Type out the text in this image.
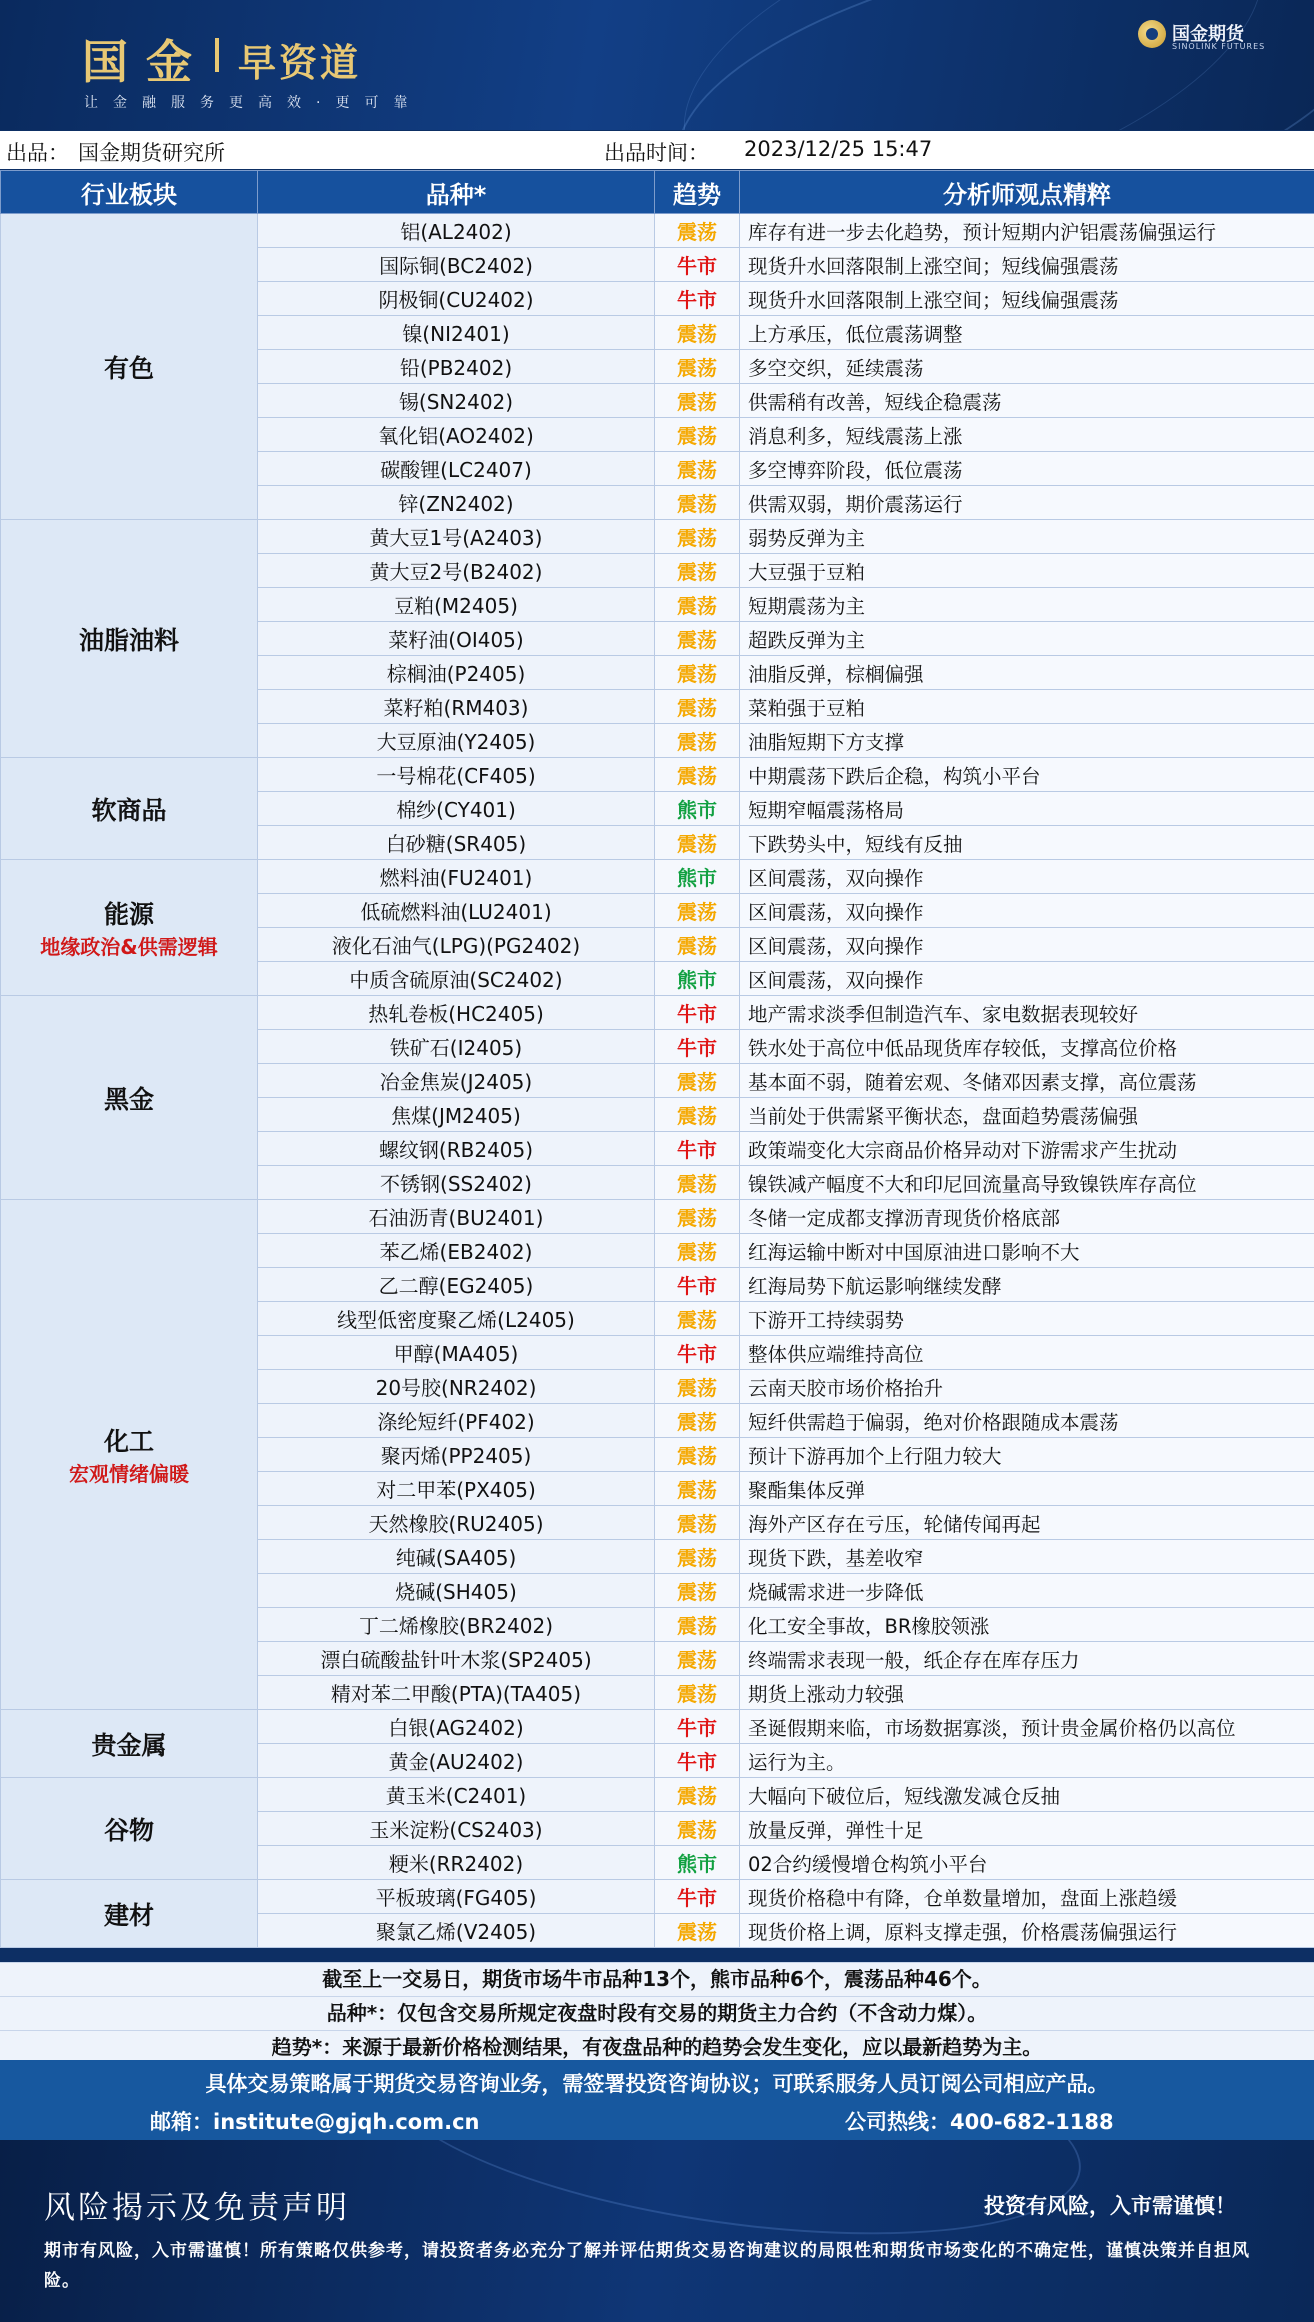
国金 早资道
让金融服务更高效·更可靠
国金期货
SINOLINK FUTURES
出品： 国金期货研究所	出品时间： 2023/12/25 15:47
行业板块	品种*	趋势	分析师观点精粹

有色	铝(AL2402)	震荡	库存有进一步去化趋势，预计短期内沪铝震荡偏强运行
	国际铜(BC2402)	牛市	现货升水回落限制上涨空间；短线偏强震荡
	阴极铜(CU2402)	牛市	现货升水回落限制上涨空间；短线偏强震荡
	镍(NI2401)	震荡	上方承压，低位震荡调整
	铅(PB2402)	震荡	多空交织，延续震荡
	锡(SN2402)	震荡	供需稍有改善，短线企稳震荡
	氧化铝(AO2402)	震荡	消息利多，短线震荡上涨
	碳酸锂(LC2407)	震荡	多空博弈阶段，低位震荡
	锌(ZN2402)	震荡	供需双弱，期价震荡运行

油脂油料	黄大豆1号(A2403)	震荡	弱势反弹为主
	黄大豆2号(B2402)	震荡	大豆强于豆粕
	豆粕(M2405)	震荡	短期震荡为主
	菜籽油(OI405)	震荡	超跌反弹为主
	棕榈油(P2405)	震荡	油脂反弹，棕榈偏强
	菜籽粕(RM403)	震荡	菜粕强于豆粕
	大豆原油(Y2405)	震荡	油脂短期下方支撑

软商品	一号棉花(CF405)	震荡	中期震荡下跌后企稳，构筑小平台
	棉纱(CY401)	熊市	短期窄幅震荡格局
	白砂糖(SR405)	震荡	下跌势头中，短线有反抽

能源
地缘政治&供需逻辑	燃料油(FU2401)	熊市	区间震荡，双向操作
	低硫燃料油(LU2401)	震荡	区间震荡，双向操作
	液化石油气(LPG)(PG2402)	震荡	区间震荡，双向操作
	中质含硫原油(SC2402)	熊市	区间震荡，双向操作

黑金	热轧卷板(HC2405)	牛市	地产需求淡季但制造汽车、家电数据表现较好
	铁矿石(I2405)	牛市	铁水处于高位中低品现货库存较低，支撑高位价格
	冶金焦炭(J2405)	震荡	基本面不弱，随着宏观、冬储邓因素支撑，高位震荡
	焦煤(JM2405)	震荡	当前处于供需紧平衡状态，盘面趋势震荡偏强
	螺纹钢(RB2405)	牛市	政策端变化大宗商品价格异动对下游需求产生扰动
	不锈钢(SS2402)	震荡	镍铁减产幅度不大和印尼回流量高导致镍铁库存高位

化工
宏观情绪偏暖	石油沥青(BU2401)	震荡	冬储一定成都支撑沥青现货价格底部
	苯乙烯(EB2402)	震荡	红海运输中断对中国原油进口影响不大
	乙二醇(EG2405)	牛市	红海局势下航运影响继续发酵
	线型低密度聚乙烯(L2405)	震荡	下游开工持续弱势
	甲醇(MA405)	牛市	整体供应端维持高位
	20号胶(NR2402)	震荡	云南天胶市场价格抬升
	涤纶短纤(PF402)	震荡	短纤供需趋于偏弱，绝对价格跟随成本震荡
	聚丙烯(PP2405)	震荡	预计下游再加个上行阻力较大
	对二甲苯(PX405)	震荡	聚酯集体反弹
	天然橡胶(RU2405)	震荡	海外产区存在亏压，轮储传闻再起
	纯碱(SA405)	震荡	现货下跌，基差收窄
	烧碱(SH405)	震荡	烧碱需求进一步降低
	丁二烯橡胶(BR2402)	震荡	化工安全事故，BR橡胶领涨
	漂白硫酸盐针叶木浆(SP2405)	震荡	终端需求表现一般，纸企存在库存压力
	精对苯二甲酸(PTA)(TA405)	震荡	期货上涨动力较强

贵金属	白银(AG2402)	牛市	圣诞假期来临，市场数据寡淡，预计贵金属价格仍以高位
	黄金(AU2402)	牛市	运行为主。

谷物	黄玉米(C2401)	震荡	大幅向下破位后，短线激发减仓反抽
	玉米淀粉(CS2403)	震荡	放量反弹，弹性十足
	粳米(RR2402)	熊市	02合约缓慢增仓构筑小平台

建材	平板玻璃(FG405)	牛市	现货价格稳中有降，仓单数量增加，盘面上涨趋缓
	聚氯乙烯(V2405)	震荡	现货价格上调，原料支撑走强，价格震荡偏强运行
截至上一交易日，期货市场牛市品种13个，熊市品种6个，震荡品种46个。
品种*：仅包含交易所规定夜盘时段有交易的期货主力合约（不含动力煤）。
趋势*：来源于最新价格检测结果，有夜盘品种的趋势会发生变化，应以最新趋势为主。
具体交易策略属于期货交易咨询业务，需签署投资咨询协议；可联系服务人员订阅公司相应产品。
邮箱：institute@gjqh.com.cn	公司热线：400-682-1188
风险揭示及免责声明	投资有风险，入市需谨慎！
期市有风险，入市需谨慎！所有策略仅供参考，请投资者务必充分了解并评估期货交易咨询建议的局限性和期货市场变化的不确定性，谨慎决策并自担风险。
